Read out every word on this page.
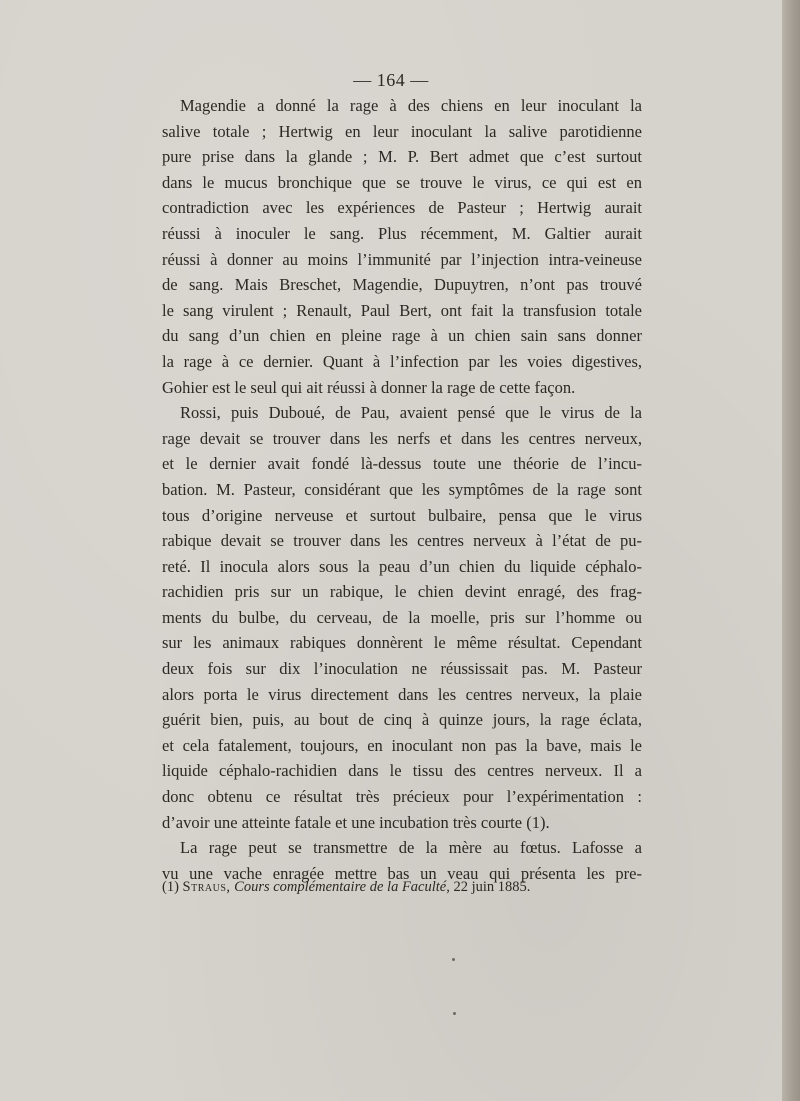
— 164 —
Magendie a donné la rage à des chiens en leur inoculant la
salive totale ; Hertwig en leur inoculant la salive parotidienne
pure prise dans la glande ; M. P. Bert admet que c’est surtout
dans le mucus bronchique que se trouve le virus, ce qui est en
contradiction avec les expériences de Pasteur ; Hertwig aurait
réussi à inoculer le sang. Plus récemment, M. Galtier aurait
réussi à donner au moins l’immunité par l’injection intra-veineuse
de sang. Mais Breschet, Magendie, Dupuytren, n’ont pas trouvé
le sang virulent ; Renault, Paul Bert, ont fait la transfusion totale
du sang d’un chien en pleine rage à un chien sain sans donner
la rage à ce dernier. Quant à l’infection par les voies digestives,
Gohier est le seul qui ait réussi à donner la rage de cette façon.
Rossi, puis Duboué, de Pau, avaient pensé que le virus de la
rage devait se trouver dans les nerfs et dans les centres nerveux,
et le dernier avait fondé là-dessus toute une théorie de l’incu-
bation. M. Pasteur, considérant que les symptômes de la rage sont
tous d’origine nerveuse et surtout bulbaire, pensa que le virus
rabique devait se trouver dans les centres nerveux à l’état de pu-
reté. Il inocula alors sous la peau d’un chien du liquide céphalo-
rachidien pris sur un rabique, le chien devint enragé, des frag-
ments du bulbe, du cerveau, de la moelle, pris sur l’homme ou
sur les animaux rabiques donnèrent le même résultat. Cependant
deux fois sur dix l’inoculation ne réussissait pas. M. Pasteur
alors porta le virus directement dans les centres nerveux, la plaie
guérit bien, puis, au bout de cinq à quinze jours, la rage éclata,
et cela fatalement, toujours, en inoculant non pas la bave, mais le
liquide céphalo-rachidien dans le tissu des centres nerveux. Il a
donc obtenu ce résultat très précieux pour l’expérimentation :
d’avoir une atteinte fatale et une incubation très courte (1).
La rage peut se transmettre de la mère au fœtus. Lafosse a
vu une vache enragée mettre bas un veau qui présenta les pre-
(1) Straus, Cours complémentaire de la Faculté, 22 juin 1885.
